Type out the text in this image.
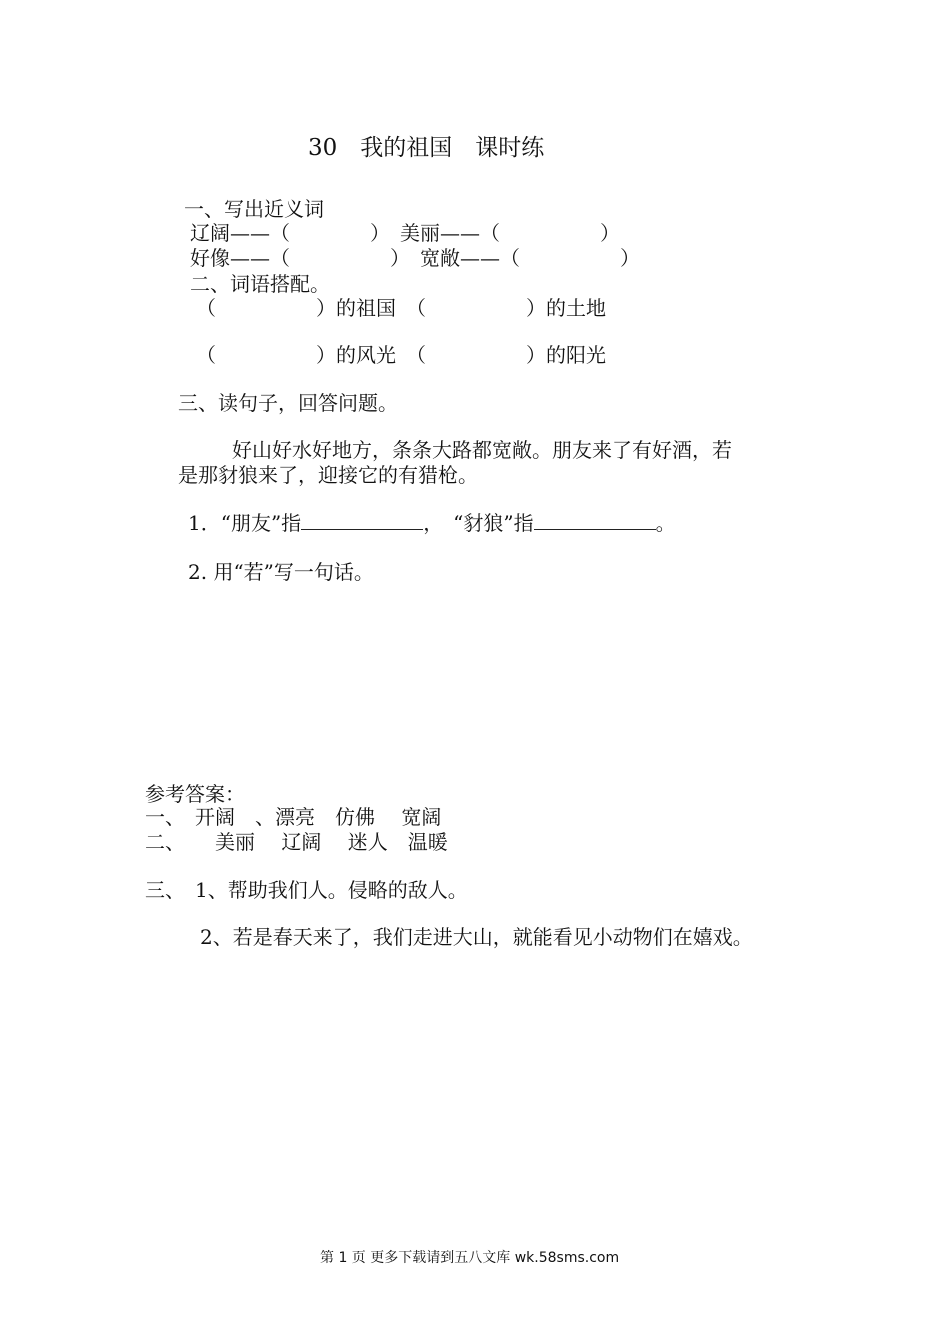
30　我的祖国　课时练
一、写出近义词
辽阔——（　　　　）　美丽——（　　　　　）
好像——（　　　　　）　宽敞——（　　　　　）
二、词语搭配。
（　　　　　）的祖国　（　　　　　）的土地
（　　　　　）的风光　（　　　　　）的阳光
三、读句子，回答问题。
好山好水好地方，条条大路都宽敞。朋友来了有好酒，若
是那豺狼来了，迎接它的有猎枪。
1．“朋友”指	，　“豺狼”指	。
2. 用“若”写一句话。
参考答案：
一、　开阔　、漂亮　仿佛　 宽阔
二、　　美丽　 辽阔　 迷人　温暖
三、　1、帮助我们人。侵略的敌人。
2、若是春天来了，我们走进大山，就能看见小动物们在嬉戏。
第 1 页 更多下载请到五八文库 wk.58sms.com
